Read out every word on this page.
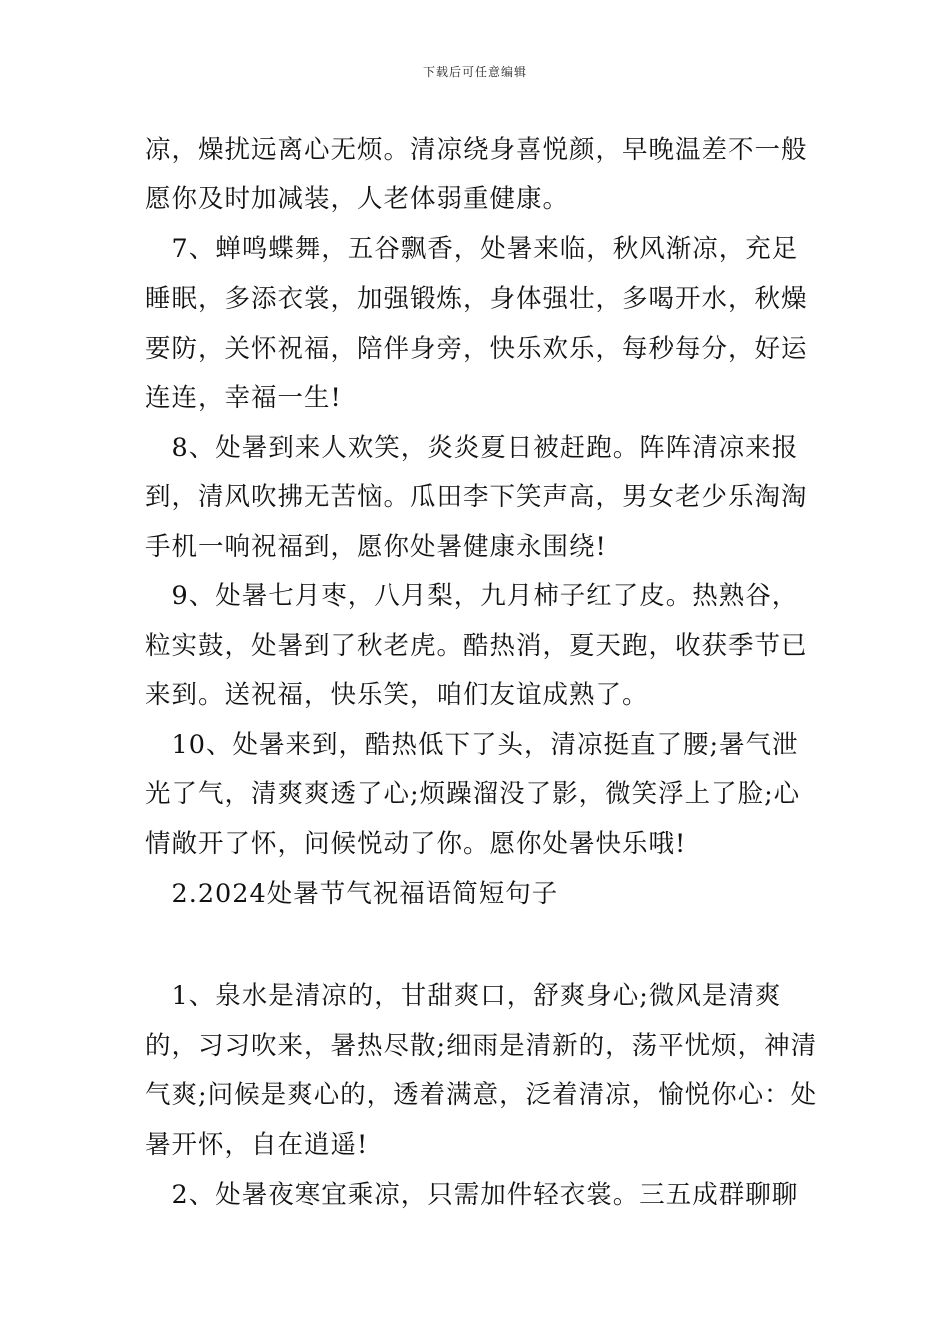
下载后可任意编辑
凉，燥扰远离心无烦。清凉绕身喜悦颜，早晚温差不一般
愿你及时加减装，人老体弱重健康。
　7、蝉鸣蝶舞，五谷飘香，处暑来临，秋风渐凉，充足
睡眠，多添衣裳，加强锻炼，身体强壮，多喝开水，秋燥
要防，关怀祝福，陪伴身旁，快乐欢乐，每秒每分，好运
连连，幸福一生!
　8、处暑到来人欢笑，炎炎夏日被赶跑。阵阵清凉来报
到，清风吹拂无苦恼。瓜田李下笑声高，男女老少乐淘淘
手机一响祝福到，愿你处暑健康永围绕!
　9、处暑七月枣，八月梨，九月柿子红了皮。热熟谷，
粒实鼓，处暑到了秋老虎。酷热消，夏天跑，收获季节已
来到。送祝福，快乐笑，咱们友谊成熟了。
　10、处暑来到，酷热低下了头，清凉挺直了腰;暑气泄
光了气，清爽爽透了心;烦躁溜没了影，微笑浮上了脸;心
情敞开了怀，问候悦动了你。愿你处暑快乐哦!
　2.2024处暑节气祝福语简短句子
　1、泉水是清凉的，甘甜爽口，舒爽身心;微风是清爽
的，习习吹来，暑热尽散;细雨是清新的，荡平忧烦，神清
气爽;问候是爽心的，透着满意，泛着清凉，愉悦你心：处
暑开怀，自在逍遥!
　2、处暑夜寒宜乘凉，只需加件轻衣裳。三五成群聊聊
